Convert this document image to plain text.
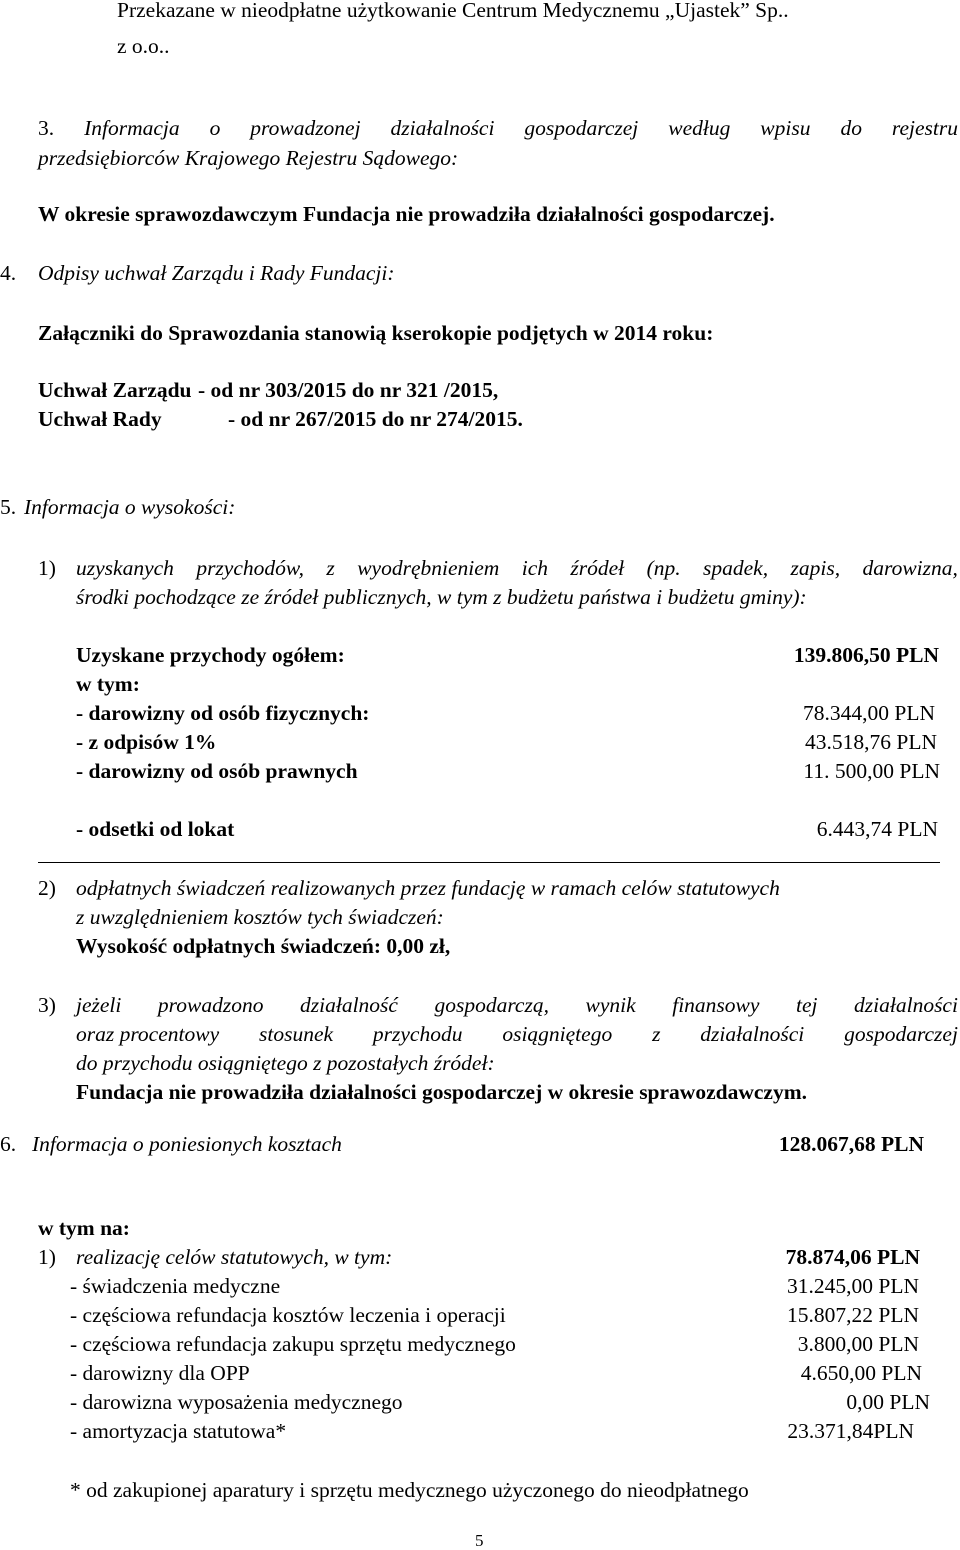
Przekazane w nieodpłatne użytkowanie Centrum Medycznemu „Ujastek” Sp..
z o.o..
3. Informacja o prowadzonej działalności gospodarczej według wpisu do rejestru
przedsiębiorców Krajowego Rejestru Sądowego:
W okresie sprawozdawczym Fundacja nie prowadziła działalności gospodarczej.
4. Odpisy uchwał Zarządu i Rady Fundacji:
Załączniki do Sprawozdania stanowią kserokopie podjętych w 2014 roku:
Uchwał Zarządu - od nr 303/2015 do nr 321 /2015,
Uchwał Rady	- od nr 267/2015 do nr 274/2015.
5. Informacja o wysokości:
1) uzyskanych przychodów, z wyodrębnieniem ich źródeł (np. spadek, zapis, darowizna,
środki pochodzące ze źródeł publicznych, w tym z budżetu państwa i budżetu gminy):
Uzyskane przychody ogółem:	139.806,50 PLN
w tym:
- darowizny od osób fizycznych:	78.344,00 PLN
- z odpisów 1%	43.518,76 PLN
- darowizny od osób prawnych	11. 500,00 PLN
- odsetki od lokat	6.443,74 PLN
2) odpłatnych świadczeń realizowanych przez fundację w ramach celów statutowych
z uwzględnieniem kosztów tych świadczeń:
Wysokość odpłatnych świadczeń: 0,00 zł,
3) jeżeli prowadzono działalność gospodarczą, wynik finansowy tej działalności
oraz procentowy stosunek przychodu osiągniętego z działalności gospodarczej
do przychodu osiągniętego z pozostałych źródeł:
Fundacja nie prowadziła działalności gospodarczej w okresie sprawozdawczym.
6. Informacja o poniesionych kosztach	128.067,68 PLN
w tym na:
1) realizację celów statutowych, w tym:	78.874,06 PLN
- świadczenia medyczne	31.245,00 PLN
- częściowa refundacja kosztów leczenia i operacji	15.807,22 PLN
- częściowa refundacja zakupu sprzętu medycznego	3.800,00 PLN
- darowizny dla OPP	4.650,00 PLN
- darowizna wyposażenia medycznego	0,00 PLN
- amortyzacja statutowa*	23.371,84PLN
* od zakupionej aparatury i sprzętu medycznego użyczonego do nieodpłatnego
5
